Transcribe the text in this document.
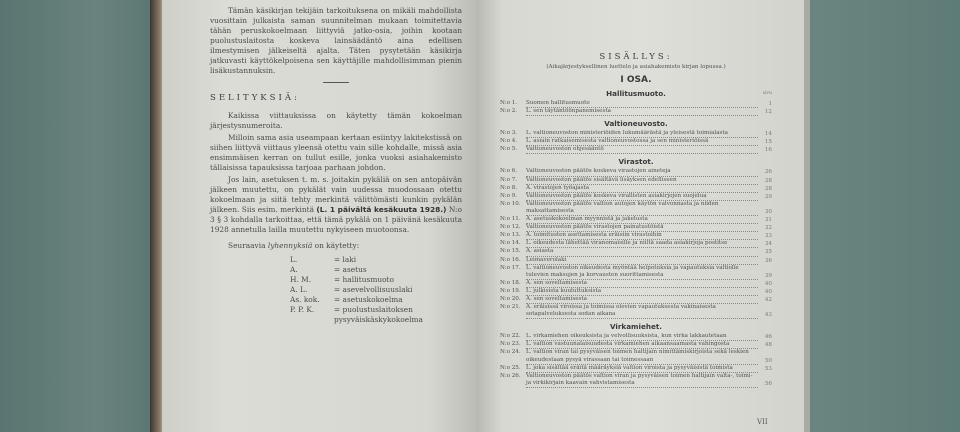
Tämän käsikirjan tekijäin tarkoituksena on mikäli mahdollista vuosittain julkaista saman suunnitelman mukaan toimitettavia tähän peruskokoelmaan liittyviä jatko-osia, joihin kootaan puolustuslaitosta koskeva lainsäädäntö aina edellisen ilmestymisen jälkeiseltä ajalta. Täten pysytetään käsikirja jatkuvasti käyttökelpoisena sen käyttäjille mahdollisimman pienin lisäkustannuksin.
SELITYKSIÄ:
Kaikissa viittauksissa on käytetty tämän kokoelman järjestysnumeroita.
Milloin sama asia useampaan kertaan esiintyy lakitekstissä on siihen liittyvä viittaus yleensä otettu vain sille kohdalle, missä asia ensimmäisen kerran on tullut esille, jonka vuoksi asiahakemisto tällaisissa tapauksissa tarjoaa parhaan johdon.
Jos lain, asetuksen t. m. s. joitakin pykäliä on sen antopäivän jälkeen muutettu, on pykälät vain uudessa muodossaan otettu kokoelmaan ja siitä tehty merkintä välittömästi kunkin pykälän jälkeen. Siis esim. merkintä (L. 1 päivältä kesäkuuta 1928.) N:o 3 § 3 kohdalla tarkoittaa, että tämä pykälä on 1 päivänä kesäkuuta 1928 annetulla lailla muutettu nykyiseen muotoonsa.
Seuraavia lyhennyksiä on käytetty:
L.	= laki
A.	= asetus
H. M.	= hallitusmuoto
A. L.	= asevelvollisuuslaki
As. kok.	= asetuskokoelma
P. P. K.	= puolustuslaitoksen pysyväiskäskykokoelma
SISÄLLYS:
(Aikajärjestyksellinen luettelo ja asiahakemisto kirjan lopussa.)
I OSA.
Hallitusmuoto.	sivu
N:o 1.	Suomen hallitusmuoto	1
N:o 2.	L. sen täytäntöönpanemisesta	12
Valtioneuvosto.
N:o 3.	L. valtioneuvoston ministeriöiden lukumäärästä ja yleisestä toimialasta	14
N:o 4.	L. asiain ratkaisemisesta valtioneuvostossa ja sen ministeriöissä	15
N:o 5.	Valtioneuvoston ohjesääntö	16
Virastot.
N:o 6.	Valtioneuvoston päätös koskeva virastojen aineteja	26
N:o 7.	Valtioneuvoston päätös sisältävä lisäyksen edelliseen	28
N:o 8.	A. virastojen työajasta	28
N:o 9.	Valtioneuvoston päätös koskeva virallisten asiakirjojen suojelua	29
N:o 10. Valtioneuvoston päätös valtion autojen käytön valvonnasta ja niiden maksattamisesta	30
N:o 11. A. asetuskokoelman myynnistä ja jakelusta	31
N:o 12. Valtioneuvoston päätös virastojen painatustöistä	32
N:o 13. A. toimitusten asettamisesta eräisiin virastoihin	33
N:o 14. L. oikeudesta lähettää viranomaisille ja niiltä saada asiakirjoja postitse	34
N:o 15. A. asiasta	35
N:o 16. Leimaverolaki	36
N:o 17. L. valtioneuvoston oikeudesta myöntää helpotuksia ja vapautuksia valtiolle tulevien maksujen ja korvausten suorittamisesta	39
N:o 18. A. sen soveltamisesta	40
N:o 19. L. julkisista kuuluttuksista	40
N:o 20. A. sen soveltamisesta	42
N:o 21. A. eräisissä viroissa ja toimissa olevien vapautuksesta vakinaisesta sotapalveluksesta sodan aikana	43
Virkamiehet.
N:o 22. L. virkamiehen oikeuksista ja velvollisuuksista, kun virka lakkautetaan	46
N:o 23. L. valtion vastuunalaisuudesta virkamiehen aikaansaamasta vahingosta	48
N:o 24. L. valtion viran tai pysyväisen toimen haltijain nimittämiskirjoista sekä leskien oikeudestaan pysyä virassaan tai toimessaan	50
N:o 25. L. joka sisältää eräitä määräyksiä valtion viroista ja pysyväisistä toimista	53
N:o 26. Valtioneuvoston päätös valtion viran ja pysyväisen toimen haltijain valta-, toimi- ja virkikirjain kaavain vahvistamisesta	56
VII
